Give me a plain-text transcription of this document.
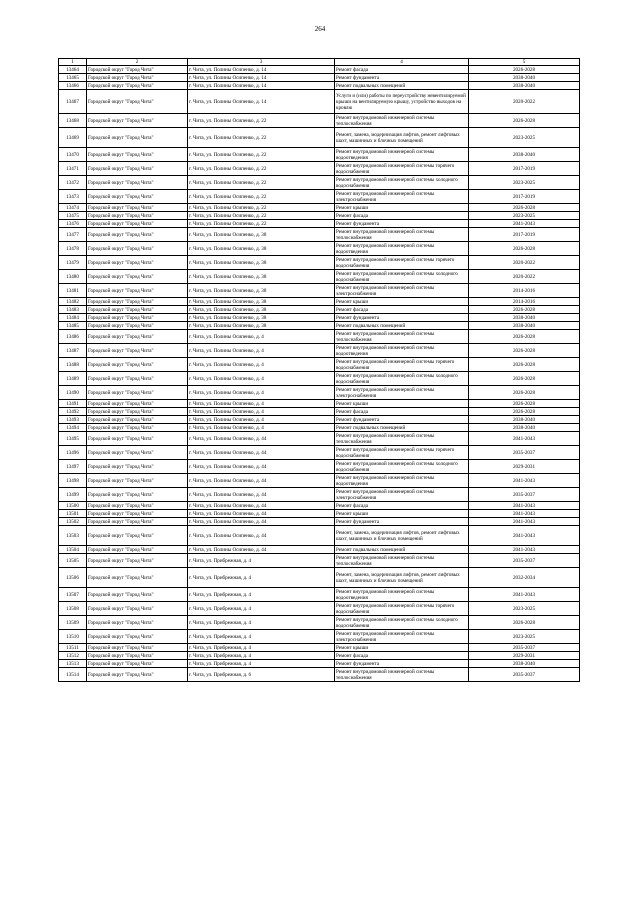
264
1	2	3	4	5
13464	Городской округ "Город Чита"	г. Чита, ул. Полины Осипенко, д. 14	Ремонт фасада	2026-2028
13465	Городской округ "Город Чита"	г. Чита, ул. Полины Осипенко, д. 14	Ремонт фундамента	2038-2040
13466	Городской округ "Город Чита"	г. Чита, ул. Полины Осипенко, д. 14	Ремонт подвальных помещений	2038-2040
13467	Городской округ "Город Чита"	г. Чита, ул. Полины Осипенко, д. 14	Услуги и (или) работы по переустройству невентилируемой крыши на вентилируемую крышу, устройство выходов на кровлю	2020-2022
13468	Городской округ "Город Чита"	г. Чита, ул. Полины Осипенко, д. 22	Ремонт внутридомовой инженерной системы теплоснабжения	2026-2028
13469	Городской округ "Город Чита"	г. Чита, ул. Полины Осипенко, д. 22	Ремонт, замена, модернизация лифтов, ремонт лифтовых шахт, машинных и блочных помещений	2023-2025
13470	Городской округ "Город Чита"	г. Чита, ул. Полины Осипенко, д. 22	Ремонт внутридомовой инженерной системы водоотведения	2038-2040
13471	Городской округ "Город Чита"	г. Чита, ул. Полины Осипенко, д. 22	Ремонт внутридомовой инженерной системы горячего водоснабжения	2017-2019
13472	Городской округ "Город Чита"	г. Чита, ул. Полины Осипенко, д. 22	Ремонт внутридомовой инженерной системы холодного водоснабжения	2023-2025
13473	Городской округ "Город Чита"	г. Чита, ул. Полины Осипенко, д. 22	Ремонт внутридомовой инженерной системы электроснабжения	2017-2019
13474	Городской округ "Город Чита"	г. Чита, ул. Полины Осипенко, д. 22	Ремонт крыши	2026-2028
13475	Городской округ "Город Чита"	г. Чита, ул. Полины Осипенко, д. 22	Ремонт фасада	2023-2025
13476	Городской округ "Город Чита"	г. Чита, ул. Полины Осипенко, д. 22	Ремонт фундамента	2041-2043
13477	Городской округ "Город Чита"	г. Чита, ул. Полины Осипенко, д. 38	Ремонт внутридомовой инженерной системы теплоснабжения	2017-2019
13478	Городской округ "Город Чита"	г. Чита, ул. Полины Осипенко, д. 38	Ремонт внутридомовой инженерной системы водоотведения	2026-2028
13479	Городской округ "Город Чита"	г. Чита, ул. Полины Осипенко, д. 38	Ремонт внутридомовой инженерной системы горячего водоснабжения	2020-2022
13480	Городской округ "Город Чита"	г. Чита, ул. Полины Осипенко, д. 38	Ремонт внутридомовой инженерной системы холодного водоснабжения	2020-2022
13481	Городской округ "Город Чита"	г. Чита, ул. Полины Осипенко, д. 38	Ремонт внутридомовой инженерной системы электроснабжения	2014-2016
13482	Городской округ "Город Чита"	г. Чита, ул. Полины Осипенко, д. 38	Ремонт крыши	2014-2016
13483	Городской округ "Город Чита"	г. Чита, ул. Полины Осипенко, д. 38	Ремонт фасада	2026-2028
13484	Городской округ "Город Чита"	г. Чита, ул. Полины Осипенко, д. 38	Ремонт фундамента	2038-2040
13485	Городской округ "Город Чита"	г. Чита, ул. Полины Осипенко, д. 38	Ремонт подвальных помещений	2038-2040
13486	Городской округ "Город Чита"	г. Чита, ул. Полины Осипенко, д. 4	Ремонт внутридомовой инженерной системы теплоснабжения	2026-2028
13487	Городской округ "Город Чита"	г. Чита, ул. Полины Осипенко, д. 4	Ремонт внутридомовой инженерной системы водоотведения	2026-2028
13488	Городской округ "Город Чита"	г. Чита, ул. Полины Осипенко, д. 4	Ремонт внутридомовой инженерной системы горячего водоснабжения	2026-2028
13489	Городской округ "Город Чита"	г. Чита, ул. Полины Осипенко, д. 4	Ремонт внутридомовой инженерной системы холодного водоснабжения	2026-2028
13490	Городской округ "Город Чита"	г. Чита, ул. Полины Осипенко, д. 4	Ремонт внутридомовой инженерной системы электроснабжения	2026-2028
13491	Городской округ "Город Чита"	г. Чита, ул. Полины Осипенко, д. 4	Ремонт крыши	2026-2028
13492	Городской округ "Город Чита"	г. Чита, ул. Полины Осипенко, д. 4	Ремонт фасада	2026-2028
13493	Городской округ "Город Чита"	г. Чита, ул. Полины Осипенко, д. 4	Ремонт фундамента	2038-2040
13494	Городской округ "Город Чита"	г. Чита, ул. Полины Осипенко, д. 4	Ремонт подвальных помещений	2038-2040
13495	Городской округ "Город Чита"	г. Чита, ул. Полины Осипенко, д. 44	Ремонт внутридомовой инженерной системы теплоснабжения	2041-2043
13496	Городской округ "Город Чита"	г. Чита, ул. Полины Осипенко, д. 44	Ремонт внутридомовой инженерной системы горячего водоснабжения	2035-2037
13497	Городской округ "Город Чита"	г. Чита, ул. Полины Осипенко, д. 44	Ремонт внутридомовой инженерной системы холодного водоснабжения	2029-2031
13498	Городской округ "Город Чита"	г. Чита, ул. Полины Осипенко, д. 44	Ремонт внутридомовой инженерной системы водоотведения	2041-2043
13499	Городской округ "Город Чита"	г. Чита, ул. Полины Осипенко, д. 44	Ремонт внутридомовой инженерной системы электроснабжения	2035-2037
13500	Городской округ "Город Чита"	г. Чита, ул. Полины Осипенко, д. 44	Ремонт фасада	2041-2043
13501	Городской округ "Город Чита"	г. Чита, ул. Полины Осипенко, д. 44	Ремонт крыши	2041-2043
13502	Городской округ "Город Чита"	г. Чита, ул. Полины Осипенко, д. 44	Ремонт фундамента	2041-2043
13503	Городской округ "Город Чита"	г. Чита, ул. Полины Осипенко, д. 44	Ремонт, замена, модернизация лифтов, ремонт лифтовых шахт, машинных и блочных помещений	2041-2043
13504	Городской округ "Город Чита"	г. Чита, ул. Полины Осипенко, д. 44	Ремонт подвальных помещений	2041-2043
13505	Городской округ "Город Чита"	г. Чита, ул. Прибрежная, д. 4	Ремонт внутридомовой инженерной системы теплоснабжения	2035-2037
13506	Городской округ "Город Чита"	г. Чита, ул. Прибрежная, д. 4	Ремонт, замена, модернизация лифтов, ремонт лифтовых шахт, машинных и блочных помещений	2032-2034
13507	Городской округ "Город Чита"	г. Чита, ул. Прибрежная, д. 4	Ремонт внутридомовой инженерной системы водоотведения	2041-2043
13508	Городской округ "Город Чита"	г. Чита, ул. Прибрежная, д. 4	Ремонт внутридомовой инженерной системы горячего водоснабжения	2023-2025
13509	Городской округ "Город Чита"	г. Чита, ул. Прибрежная, д. 4	Ремонт внутридомовой инженерной системы холодного водоснабжения	2026-2028
13510	Городской округ "Город Чита"	г. Чита, ул. Прибрежная, д. 4	Ремонт внутридомовой инженерной системы электроснабжения	2023-2025
13511	Городской округ "Город Чита"	г. Чита, ул. Прибрежная, д. 4	Ремонт крыши	2035-2037
13512	Городской округ "Город Чита"	г. Чита, ул. Прибрежная, д. 4	Ремонт фасада	2029-2031
13513	Городской округ "Город Чита"	г. Чита, ул. Прибрежная, д. 4	Ремонт фундамента	2038-2040
13514	Городской округ "Город Чита"	г. Чита, ул. Прибрежная, д. 6	Ремонт внутридомовой инженерной системы теплоснабжения	2035-2037
